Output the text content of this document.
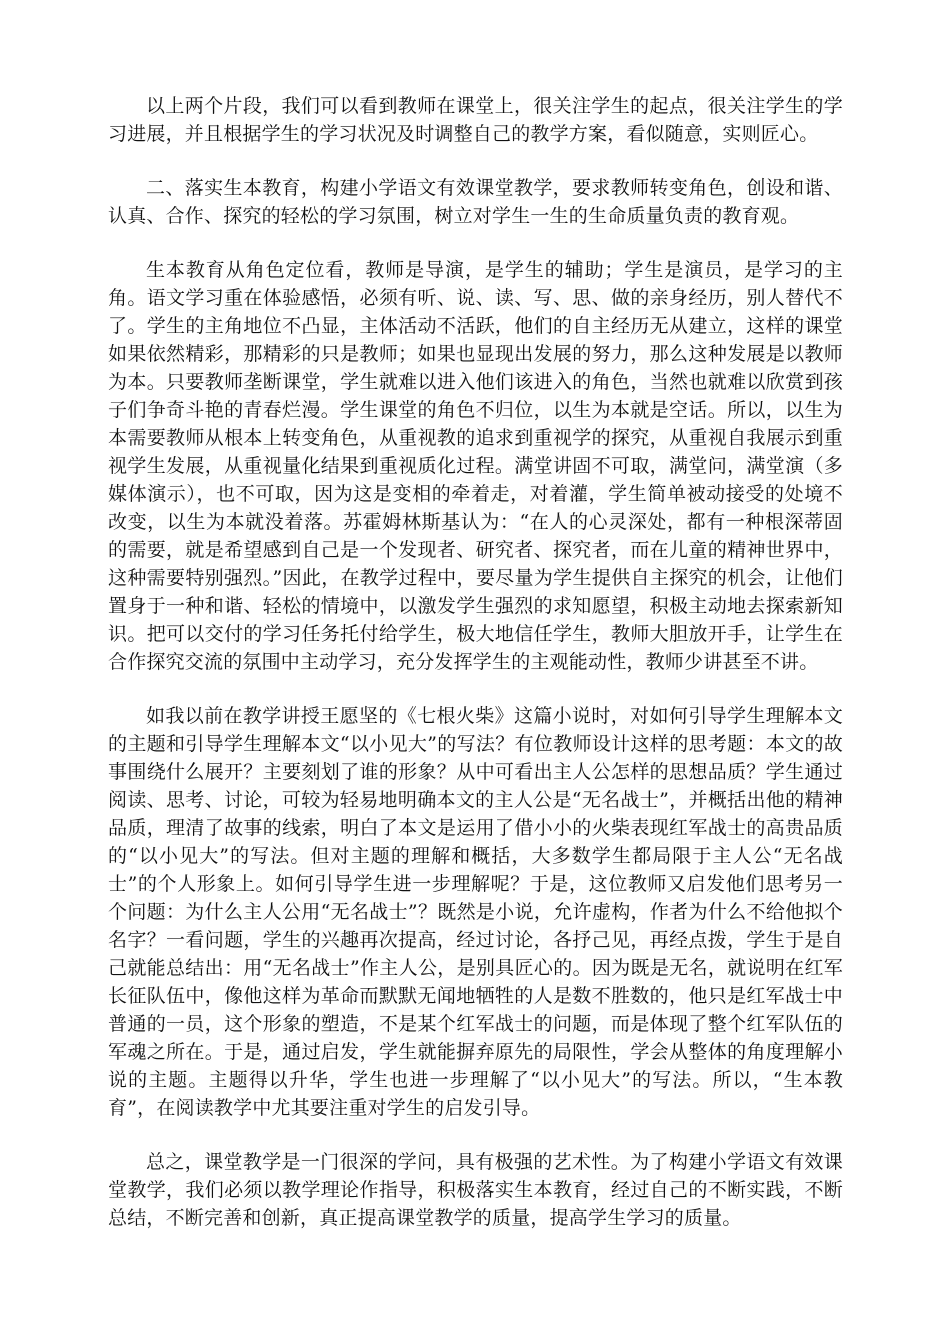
以上两个片段，我们可以看到教师在课堂上，很关注学生的起点，很关注学生的学习进展，并且根据学生的学习状况及时调整自己的教学方案，看似随意，实则匠心。

二、落实生本教育，构建小学语文有效课堂教学，要求教师转变角色，创设和谐、认真、合作、探究的轻松的学习氛围，树立对学生一生的生命质量负责的教育观。

生本教育从角色定位看，教师是导演，是学生的辅助；学生是演员，是学习的主角。语文学习重在体验感悟，必须有听、说、读、写、思、做的亲身经历，别人替代不了。学生的主角地位不凸显，主体活动不活跃，他们的自主经历无从建立，这样的课堂如果依然精彩，那精彩的只是教师；如果也显现出发展的努力，那么这种发展是以教师为本。只要教师垄断课堂，学生就难以进入他们该进入的角色，当然也就难以欣赏到孩子们争奇斗艳的青春烂漫。学生课堂的角色不归位，以生为本就是空话。所以，以生为本需要教师从根本上转变角色，从重视教的追求到重视学的探究，从重视自我展示到重视学生发展，从重视量化结果到重视质化过程。满堂讲固不可取，满堂问，满堂演（多媒体演示），也不可取，因为这是变相的牵着走，对着灌，学生简单被动接受的处境不改变，以生为本就没着落。苏霍姆林斯基认为：“在人的心灵深处，都有一种根深蒂固的需要，就是希望感到自己是一个发现者、研究者、探究者，而在儿童的精神世界中，这种需要特别强烈。”因此，在教学过程中，要尽量为学生提供自主探究的机会，让他们置身于一种和谐、轻松的情境中，以激发学生强烈的求知愿望，积极主动地去探索新知识。把可以交付的学习任务托付给学生，极大地信任学生，教师大胆放开手，让学生在合作探究交流的氛围中主动学习，充分发挥学生的主观能动性，教师少讲甚至不讲。

如我以前在教学讲授王愿坚的《七根火柴》这篇小说时，对如何引导学生理解本文的主题和引导学生理解本文“以小见大”的写法？有位教师设计这样的思考题：本文的故事围绕什么展开？主要刻划了谁的形象？从中可看出主人公怎样的思想品质？学生通过阅读、思考、讨论，可较为轻易地明确本文的主人公是“无名战士”，并概括出他的精神品质，理清了故事的线索，明白了本文是运用了借小小的火柴表现红军战士的高贵品质的“以小见大”的写法。但对主题的理解和概括，大多数学生都局限于主人公“无名战士”的个人形象上。如何引导学生进一步理解呢？于是，这位教师又启发他们思考另一个问题：为什么主人公用“无名战士”？既然是小说，允许虚构，作者为什么不给他拟个名字？一看问题，学生的兴趣再次提高，经过讨论，各抒己见，再经点拨，学生于是自己就能总结出：用“无名战士”作主人公，是别具匠心的。因为既是无名，就说明在红军长征队伍中，像他这样为革命而默默无闻地牺牲的人是数不胜数的，他只是红军战士中普通的一员，这个形象的塑造，不是某个红军战士的问题，而是体现了整个红军队伍的军魂之所在。于是，通过启发，学生就能摒弃原先的局限性，学会从整体的角度理解小说的主题。主题得以升华，学生也进一步理解了“以小见大”的写法。所以，“生本教育”，在阅读教学中尤其要注重对学生的启发引导。

总之，课堂教学是一门很深的学问，具有极强的艺术性。为了构建小学语文有效课堂教学，我们必须以教学理论作指导，积极落实生本教育，经过自己的不断实践，不断总结，不断完善和创新，真正提高课堂教学的质量，提高学生学习的质量。
